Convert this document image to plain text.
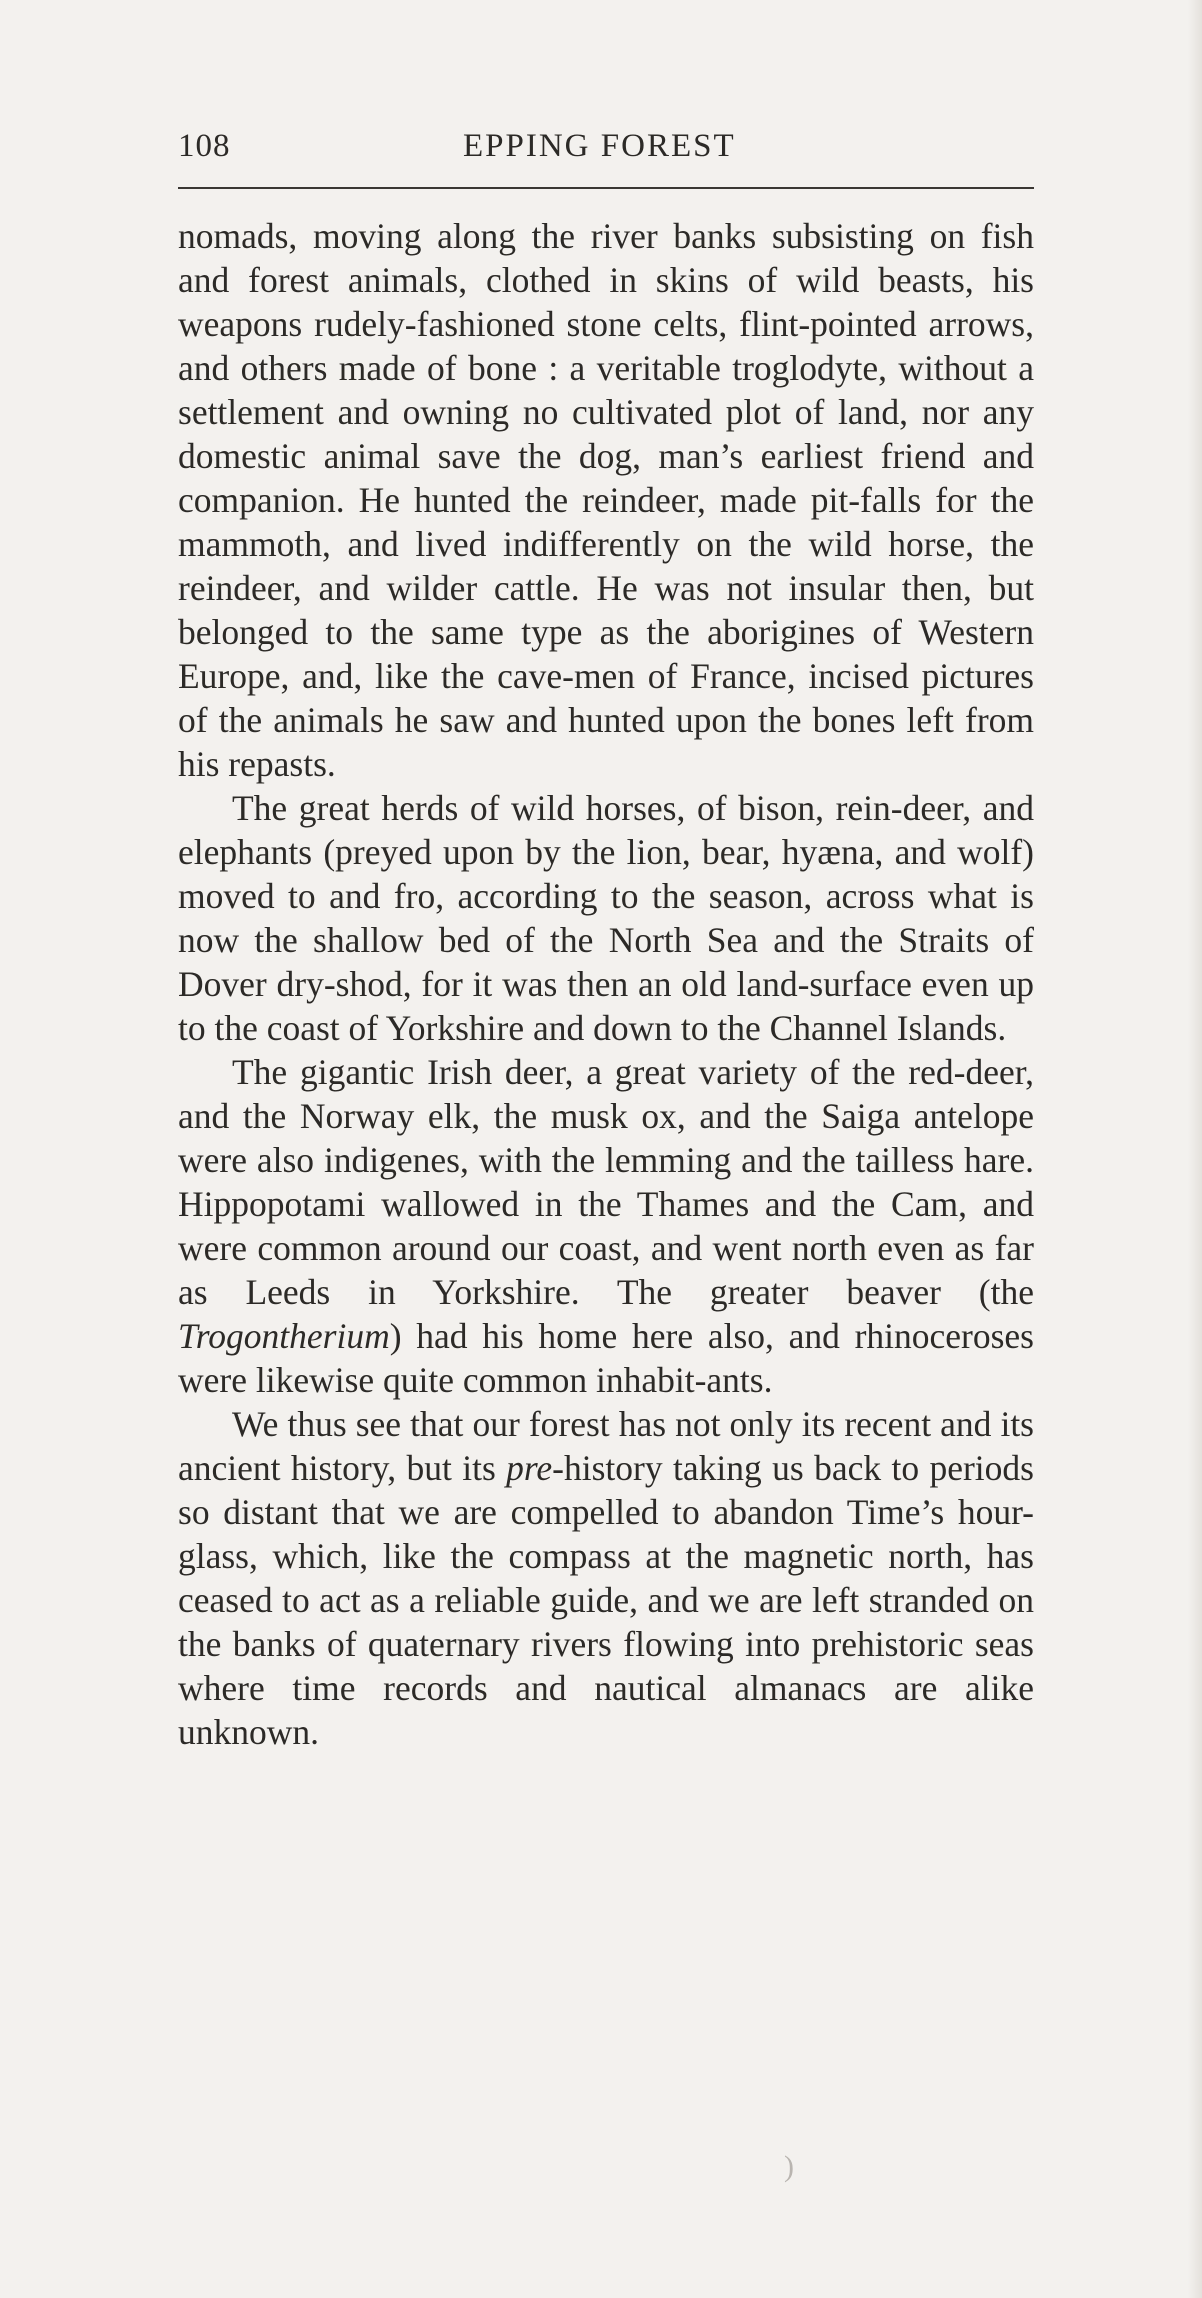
108	EPPING FOREST

nomads, moving along the river banks subsisting on fish and forest animals, clothed in skins of wild beasts, his weapons rudely-fashioned stone celts, flint-pointed arrows, and others made of bone : a veritable troglodyte, without a settlement and owning no cultivated plot of land, nor any domestic animal save the dog, man’s earliest friend and companion. He hunted the reindeer, made pit-falls for the mammoth, and lived indifferently on the wild horse, the reindeer, and wilder cattle. He was not insular then, but belonged to the same type as the aborigines of Western Europe, and, like the cave-men of France, incised pictures of the animals he saw and hunted upon the bones left from his repasts.

The great herds of wild horses, of bison, rein-deer, and elephants (preyed upon by the lion, bear, hyæna, and wolf) moved to and fro, according to the season, across what is now the shallow bed of the North Sea and the Straits of Dover dry-shod, for it was then an old land-surface even up to the coast of Yorkshire and down to the Channel Islands.

The gigantic Irish deer, a great variety of the red-deer, and the Norway elk, the musk ox, and the Saiga antelope were also indigenes, with the lemming and the tailless hare. Hippopotami wallowed in the Thames and the Cam, and were common around our coast, and went north even as far as Leeds in Yorkshire. The greater beaver (the Trogontherium) had his home here also, and rhinoceroses were likewise quite common inhabit-ants.

We thus see that our forest has not only its recent and its ancient history, but its pre-history taking us back to periods so distant that we are compelled to abandon Time’s hour-glass, which, like the compass at the magnetic north, has ceased to act as a reliable guide, and we are left stranded on the banks of quaternary rivers flowing into prehistoric seas where time records and nautical almanacs are alike unknown.

)
